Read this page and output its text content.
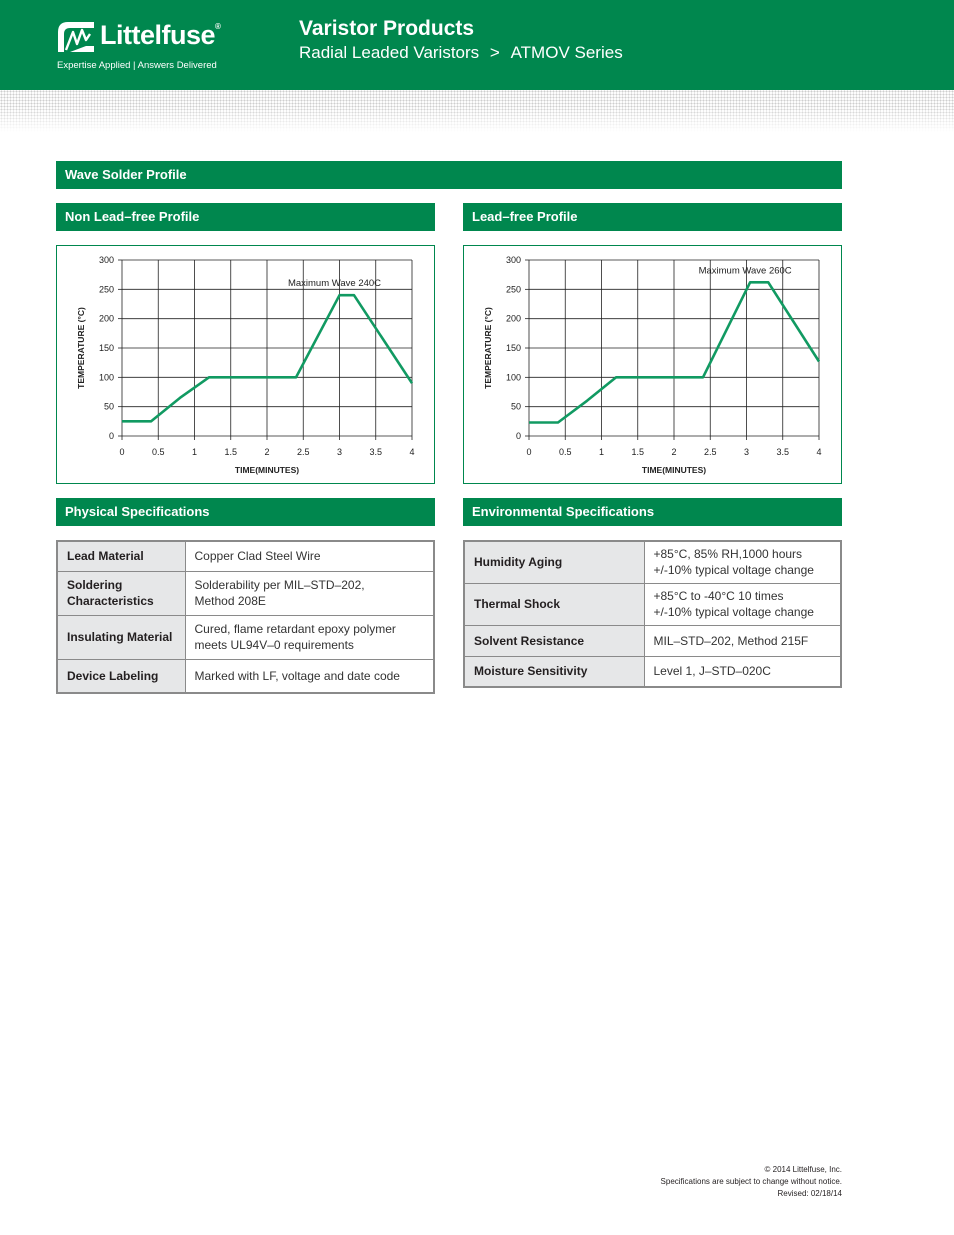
Littelfuse®
Expertise Applied | Answers Delivered
Varistor Products
Radial Leaded Varistors > ATMOV Series
Wave Solder Profile
Non Lead–free Profile	Lead–free Profile
0	0.5	1	1.5	2	2.5	3	3.5	4
300
250
200
150
100
50
0
TIME(MINUTES)
TEMPERATURE (°C)
Maximum Wave 240C
0	0.5	1	1.5	2	2.5	3	3.5	4
300
250
200
150
100
50
0
TIME(MINUTES)
TEMPERATURE (°C)
Maximum Wave 260C
Physical Specifications	Environmental Specifications
Lead Material	Copper Clad Steel Wire
Soldering
Characteristics	Solderability per MIL–STD–202,
Method 208E
Insulating Material	Cured, flame retardant epoxy polymer
meets UL94V–0 requirements
Device Labeling	Marked with LF, voltage and date code
Humidity Aging	+85°C, 85% RH,1000 hours
+/-10% typical voltage change
Thermal Shock	+85°C to -40°C 10 times
+/-10% typical voltage change
Solvent Resistance	MIL–STD–202, Method 215F
Moisture Sensitivity	Level 1, J–STD–020C
© 2014 Littelfuse, Inc.
Specifications are subject to change without notice.
Revised: 02/18/14
